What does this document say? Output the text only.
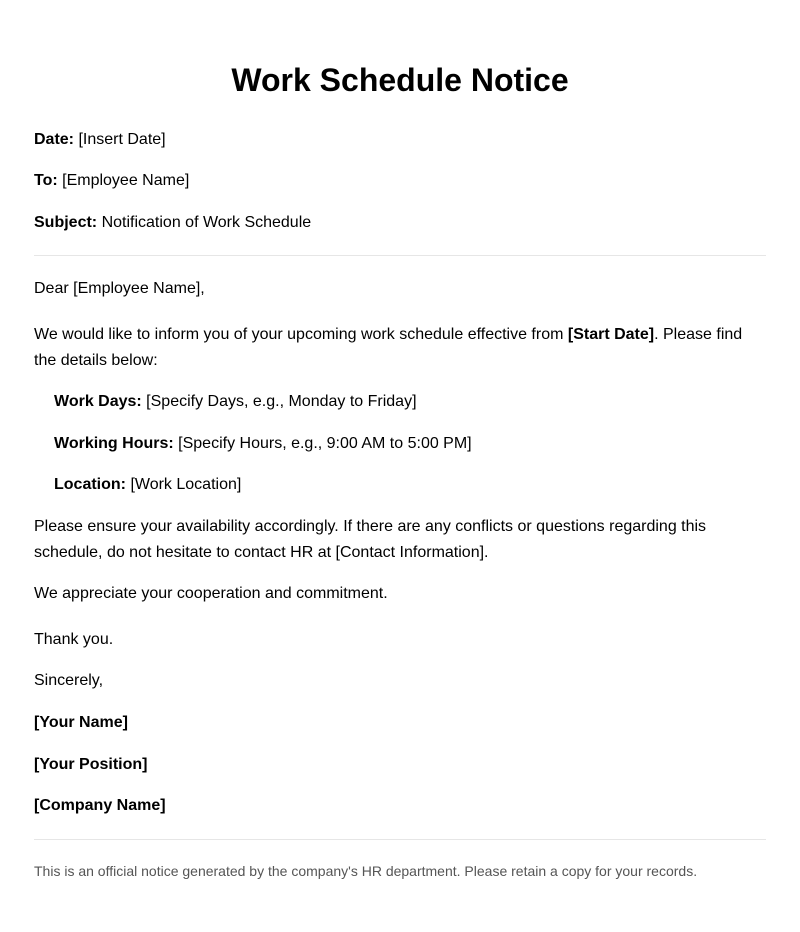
Work Schedule Notice
Date: [Insert Date]
To: [Employee Name]
Subject: Notification of Work Schedule
Dear [Employee Name],
We would like to inform you of your upcoming work schedule effective from [Start Date]. Please find the details below:
Work Days: [Specify Days, e.g., Monday to Friday]
Working Hours: [Specify Hours, e.g., 9:00 AM to 5:00 PM]
Location: [Work Location]
Please ensure your availability accordingly. If there are any conflicts or questions regarding this schedule, do not hesitate to contact HR at [Contact Information].
We appreciate your cooperation and commitment.
Thank you.
Sincerely,
[Your Name]
[Your Position]
[Company Name]
This is an official notice generated by the company's HR department. Please retain a copy for your records.
